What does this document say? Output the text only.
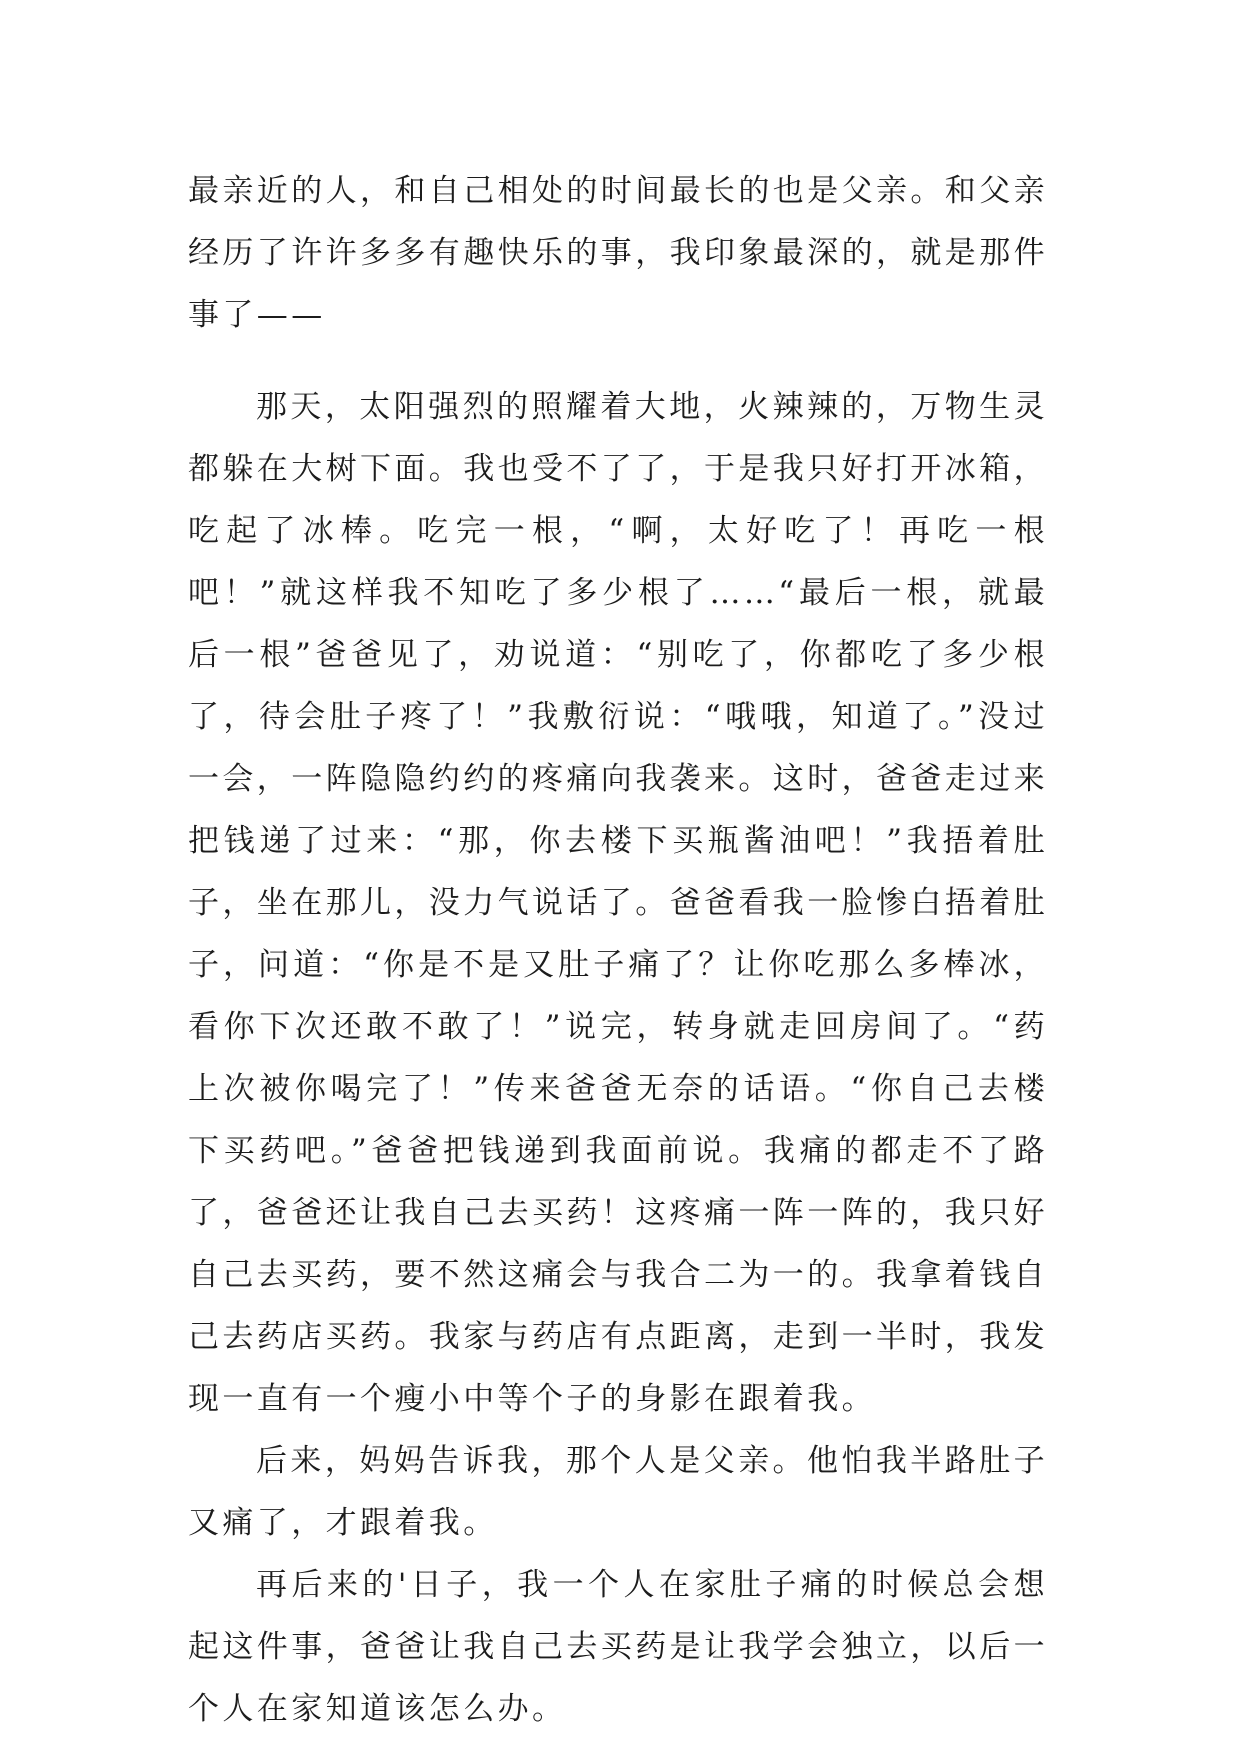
最亲近的人，和自己相处的时间最长的也是父亲。和父亲经历了许许多多有趣快乐的事，我印象最深的，就是那件事了——

那天，太阳强烈的照耀着大地，火辣辣的，万物生灵都躲在大树下面。我也受不了了，于是我只好打开冰箱，吃起了冰棒。吃完一根，“啊，太好吃了！再吃一根吧！”就这样我不知吃了多少根了……“最后一根，就最后一根”爸爸见了，劝说道：“别吃了，你都吃了多少根了，待会肚子疼了！”我敷衍说：“哦哦，知道了。”没过一会，一阵隐隐约约的疼痛向我袭来。这时，爸爸走过来把钱递了过来：“那，你去楼下买瓶酱油吧！”我捂着肚子，坐在那儿，没力气说话了。爸爸看我一脸惨白捂着肚子，问道：“你是不是又肚子痛了？让你吃那么多棒冰，看你下次还敢不敢了！”说完，转身就走回房间了。“药上次被你喝完了！”传来爸爸无奈的话语。“你自己去楼下买药吧。”爸爸把钱递到我面前说。我痛的都走不了路了，爸爸还让我自己去买药！这疼痛一阵一阵的，我只好自己去买药，要不然这痛会与我合二为一的。我拿着钱自己去药店买药。我家与药店有点距离，走到一半时，我发现一直有一个瘦小中等个子的身影在跟着我。

后来，妈妈告诉我，那个人是父亲。他怕我半路肚子又痛了，才跟着我。

再后来的'日子，我一个人在家肚子痛的时候总会想起这件事，爸爸让我自己去买药是让我学会独立，以后一个人在家知道该怎么办。
